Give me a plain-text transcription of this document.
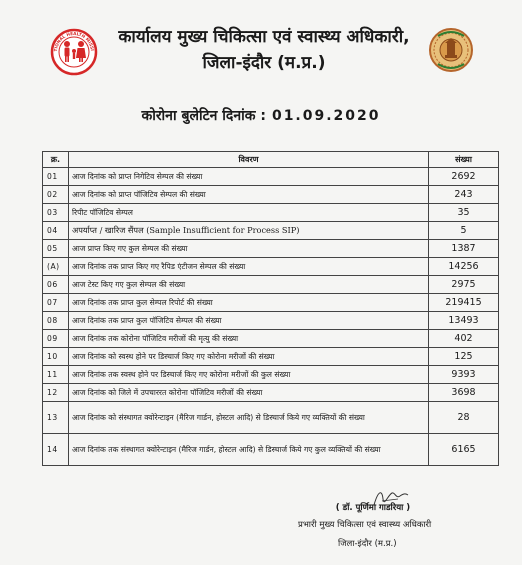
TIONAL HEALTH MISSI
कार्यालय मुख्य चिकित्सा एवं स्वास्थ्य अधिकारी,
जिला-इंदौर (म.प्र.)
कोरोना बुलेटिन दिनांक : 01.09.2020
क्र.	विवरण	संख्या
01	आज दिनांक को प्राप्त निगेटिव सेम्पल की संख्या	2692
02	आज दिनांक को प्राप्त पॉजिटिव सेम्पल की संख्या	243
03	रिपीट पॉजिटिव सेम्पल	35
04	अपर्याप्त / खारिज सैंपल (Sample Insufficient for Process SIP)	5
05	आज प्राप्त किए गए कुल सेम्पल की संख्या	1387
(A)	आज दिनांक तक प्राप्त किए गए रैपिड एंटीजन सेम्पल की संख्या	14256
06	आज टेस्ट किए गए कुल सेम्पल की संख्या	2975
07	आज दिनांक तक प्राप्त कुल सेम्पल रिपोर्ट की संख्या	219415
08	आज दिनांक तक प्राप्त कुल पॉजिटिव सेम्पल की संख्या	13493
09	आज दिनांक तक कोरोना पॉजिटिव मरीजों की मृत्यु की संख्या	402
10	आज दिनांक को स्वस्थ होने पर डिस्चार्ज किए गए कोरोना मरीजों की संख्या	125
11	आज दिनांक तक स्वस्थ होने पर डिस्चार्ज किए गए कोरोना मरीजों की कुल संख्या	9393
12	आज दिनांक को जिले में उपचाररत कोरोना पॉजिटिव मरीजों की संख्या	3698
13	आज दिनांक को संस्थागत क्वोरेन्टाइन (मैरिज गार्डन, होस्टल आदि) से डिस्चार्ज किये गए व्यक्तियों की संख्या	28
14	आज दिनांक तक संस्थागत क्वोरेन्टाइन (मैरिज गार्डन, होस्टल आदि) से डिस्चार्ज किये गए कुल व्यक्तियों की संख्या	6165
( डॉ. पूर्णिमा गाडरिया )
प्रभारी मुख्य चिकित्सा एवं स्वास्थ्य अधिकारी
जिला-इंदौर (म.प्र.)
